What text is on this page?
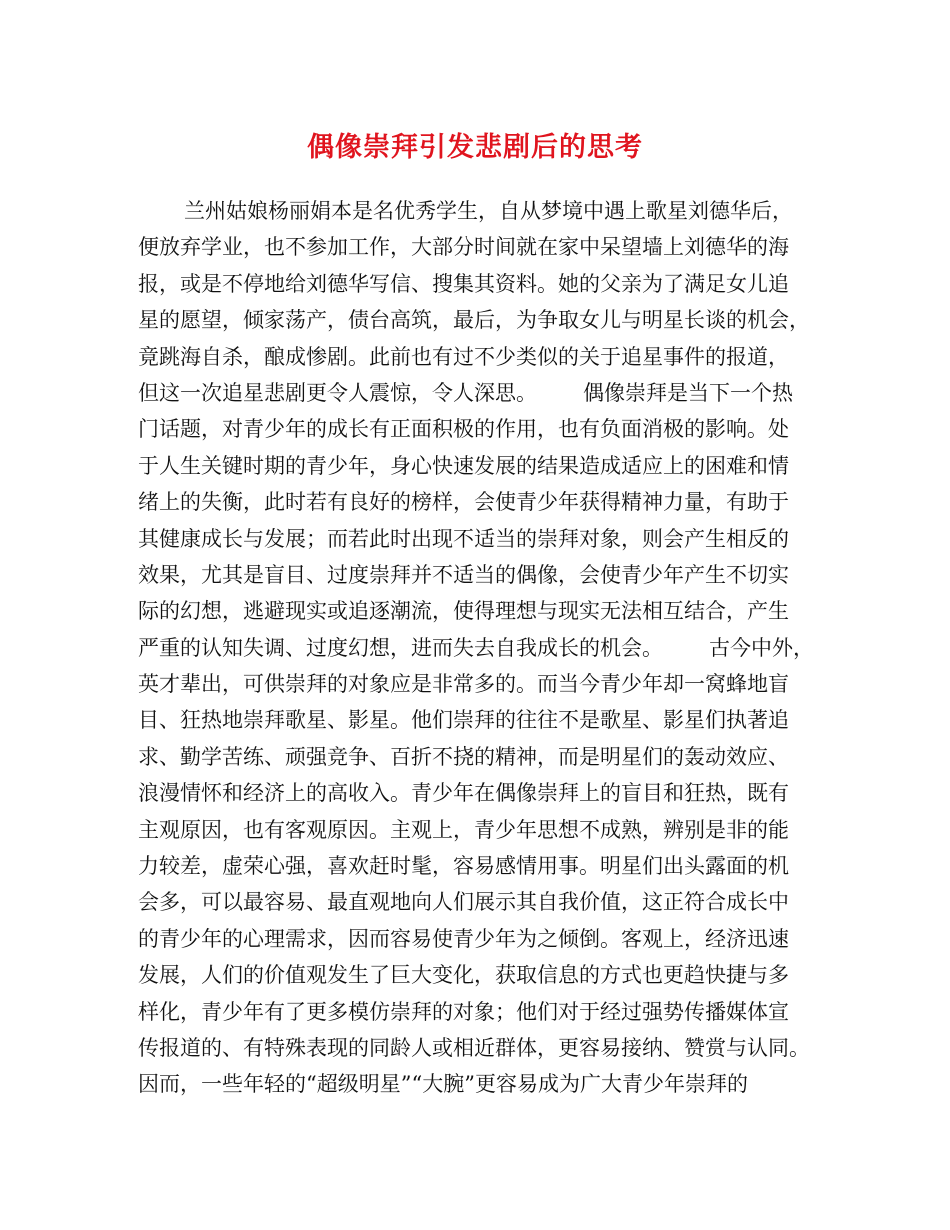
偶像崇拜引发悲剧后的思考
兰州姑娘杨丽娟本是名优秀学生，自从梦境中遇上歌星刘德华后，
便放弃学业，也不参加工作，大部分时间就在家中呆望墙上刘德华的海
报，或是不停地给刘德华写信、搜集其资料。她的父亲为了满足女儿追
星的愿望，倾家荡产，债台高筑，最后，为争取女儿与明星长谈的机会，
竟跳海自杀，酿成惨剧。此前也有过不少类似的关于追星事件的报道，
但这一次追星悲剧更令人震惊，令人深思。 偶像崇拜是当下一个热
门话题，对青少年的成长有正面积极的作用，也有负面消极的影响。处
于人生关键时期的青少年，身心快速发展的结果造成适应上的困难和情
绪上的失衡，此时若有良好的榜样，会使青少年获得精神力量，有助于
其健康成长与发展；而若此时出现不适当的崇拜对象，则会产生相反的
效果，尤其是盲目、过度崇拜并不适当的偶像，会使青少年产生不切实
际的幻想，逃避现实或追逐潮流，使得理想与现实无法相互结合，产生
严重的认知失调、过度幻想，进而失去自我成长的机会。 古今中外，
英才辈出，可供崇拜的对象应是非常多的。而当今青少年却一窝蜂地盲
目、狂热地崇拜歌星、影星。他们崇拜的往往不是歌星、影星们执著追
求、勤学苦练、顽强竞争、百折不挠的精神，而是明星们的轰动效应、
浪漫情怀和经济上的高收入。青少年在偶像崇拜上的盲目和狂热，既有
主观原因，也有客观原因。主观上，青少年思想不成熟，辨别是非的能
力较差，虚荣心强，喜欢赶时髦，容易感情用事。明星们出头露面的机
会多，可以最容易、最直观地向人们展示其自我价值，这正符合成长中
的青少年的心理需求，因而容易使青少年为之倾倒。客观上，经济迅速
发展，人们的价值观发生了巨大变化，获取信息的方式也更趋快捷与多
样化，青少年有了更多模仿崇拜的对象；他们对于经过强势传播媒体宣
传报道的、有特殊表现的同龄人或相近群体，更容易接纳、赞赏与认同。
因而，一些年轻的“超级明星”“大腕”更容易成为广大青少年崇拜的
